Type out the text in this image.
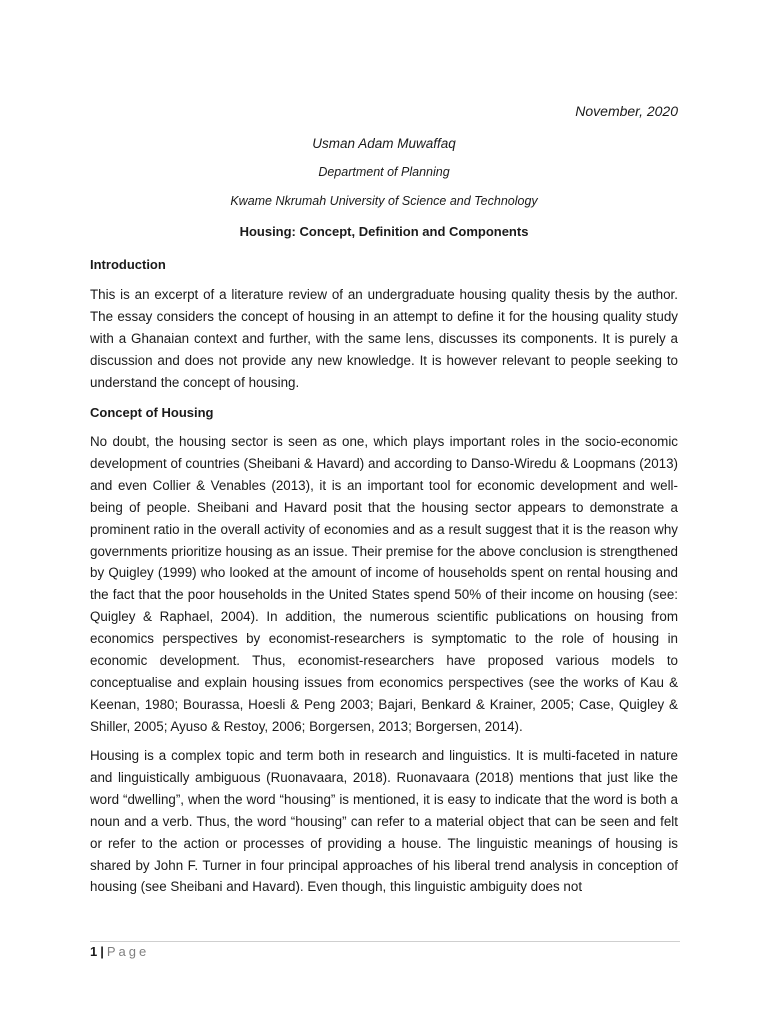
November, 2020
Usman Adam Muwaffaq
Department of Planning
Kwame Nkrumah University of Science and Technology
Housing: Concept, Definition and Components
Introduction

This is an excerpt of a literature review of an undergraduate housing quality thesis by the author. The essay considers the concept of housing in an attempt to define it for the housing quality study with a Ghanaian context and further, with the same lens, discusses its components. It is purely a discussion and does not provide any new knowledge. It is however relevant to people seeking to understand the concept of housing.

Concept of Housing

No doubt, the housing sector is seen as one, which plays important roles in the socio-economic development of countries (Sheibani & Havard) and according to Danso-Wiredu & Loopmans (2013) and even Collier & Venables (2013), it is an important tool for economic development and well-being of people. Sheibani and Havard posit that the housing sector appears to demonstrate a prominent ratio in the overall activity of economies and as a result suggest that it is the reason why governments prioritize housing as an issue. Their premise for the above conclusion is strengthened by Quigley (1999) who looked at the amount of income of households spent on rental housing and the fact that the poor households in the United States spend 50% of their income on housing (see: Quigley & Raphael, 2004). In addition, the numerous scientific publications on housing from economics perspectives by economist-researchers is symptomatic to the role of housing in economic development. Thus, economist-researchers have proposed various models to conceptualise and explain housing issues from economics perspectives (see the works of Kau & Keenan, 1980; Bourassa, Hoesli & Peng 2003; Bajari, Benkard & Krainer, 2005; Case, Quigley & Shiller, 2005; Ayuso & Restoy, 2006; Borgersen, 2013; Borgersen, 2014).

Housing is a complex topic and term both in research and linguistics. It is multi-faceted in nature and linguistically ambiguous (Ruonavaara, 2018). Ruonavaara (2018) mentions that just like the word “dwelling”, when the word “housing” is mentioned, it is easy to indicate that the word is both a noun and a verb. Thus, the word “housing” can refer to a material object that can be seen and felt or refer to the action or processes of providing a house. The linguistic meanings of housing is shared by John F. Turner in four principal approaches of his liberal trend analysis in conception of housing (see Sheibani and Havard). Even though, this linguistic ambiguity does not

1 | Page
